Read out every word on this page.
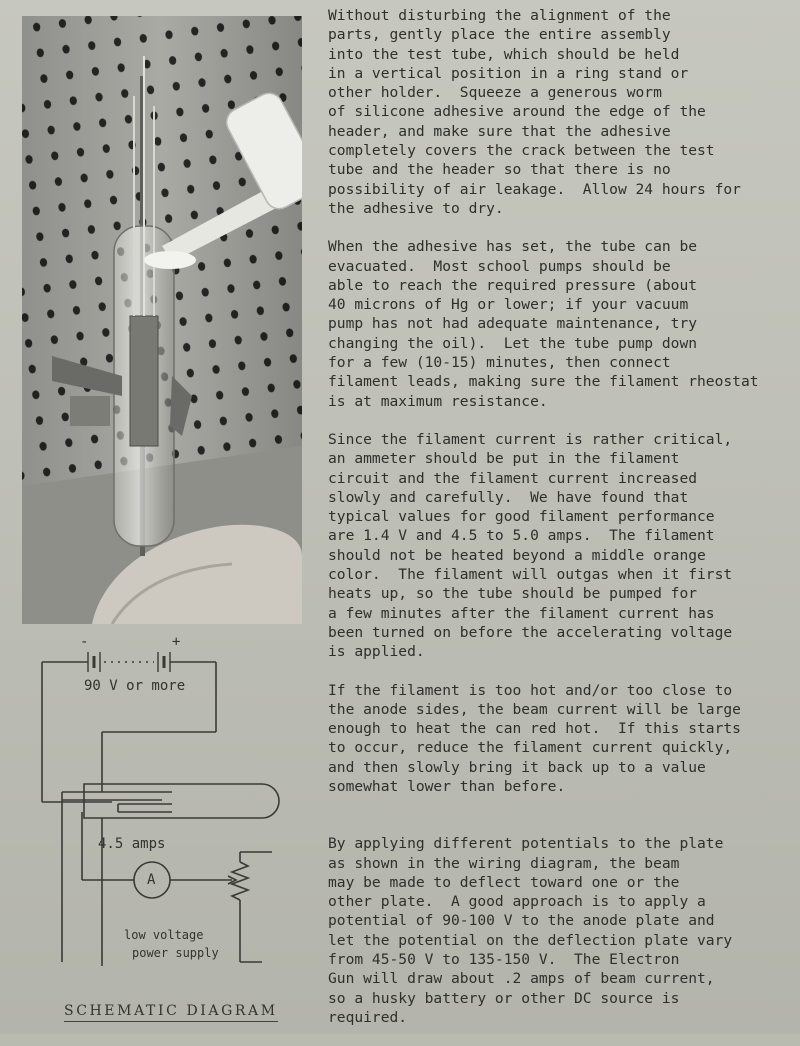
Without disturbing the alignment of the
parts, gently place the entire assembly
into the test tube, which should be held
in a vertical position in a ring stand or
other holder.  Squeeze a generous worm
of silicone adhesive around the edge of the
header, and make sure that the adhesive
completely covers the crack between the test
tube and the header so that there is no
possibility of air leakage.  Allow 24 hours for
the adhesive to dry.

When the adhesive has set, the tube can be
evacuated.  Most school pumps should be
able to reach the required pressure (about
40 microns of Hg or lower; if your vacuum
pump has not had adequate maintenance, try
changing the oil).  Let the tube pump down
for a few (10-15) minutes, then connect
filament leads, making sure the filament rheostat
is at maximum resistance.

Since the filament current is rather critical,
an ammeter should be put in the filament
circuit and the filament current increased
slowly and carefully.  We have found that
typical values for good filament performance
are 1.4 V and 4.5 to 5.0 amps.  The filament
should not be heated beyond a middle orange
color.  The filament will outgas when it first
heats up, so the tube should be pumped for
a few minutes after the filament current has
been turned on before the accelerating voltage
is applied.

If the filament is too hot and/or too close to
the anode sides, the beam current will be large
enough to heat the can red hot.  If this starts
to occur, reduce the filament current quickly,
and then slowly bring it back up to a value
somewhat lower than before.

By applying different potentials to the plate
as shown in the wiring diagram, the beam
may be made to deflect toward one or the
other plate.  A good approach is to apply a
potential of 90-100 V to the anode plate and
let the potential on the deflection plate vary
from 45-50 V to 135-150 V.  The Electron
Gun will draw about .2 amps of beam current,
so a husky battery or other DC source is
required.

-	+
90 V or more
4.5 amps
A
low voltage
power supply
SCHEMATIC DIAGRAM
